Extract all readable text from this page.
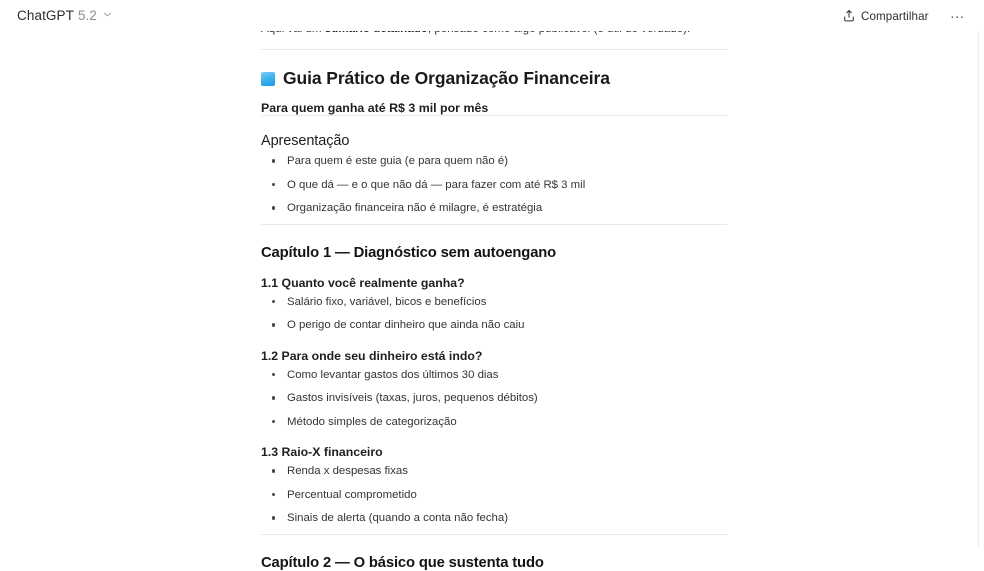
ChatGPT 5.2	Compartilhar …

Guia Prático de Organização Financeira
Para quem ganha até R$ 3 mil por mês
Apresentação
Para quem é este guia (e para quem não é)
O que dá — e o que não dá — para fazer com até R$ 3 mil
Organização financeira não é milagre, é estratégia
Capítulo 1 — Diagnóstico sem autoengano
1.1 Quanto você realmente ganha?
Salário fixo, variável, bicos e benefícios
O perigo de contar dinheiro que ainda não caiu
1.2 Para onde seu dinheiro está indo?
Como levantar gastos dos últimos 30 dias
Gastos invisíveis (taxas, juros, pequenos débitos)
Método simples de categorização
1.3 Raio-X financeiro
Renda x despesas fixas
Percentual comprometido
Sinais de alerta (quando a conta não fecha)
Capítulo 2 — O básico que sustenta tudo
